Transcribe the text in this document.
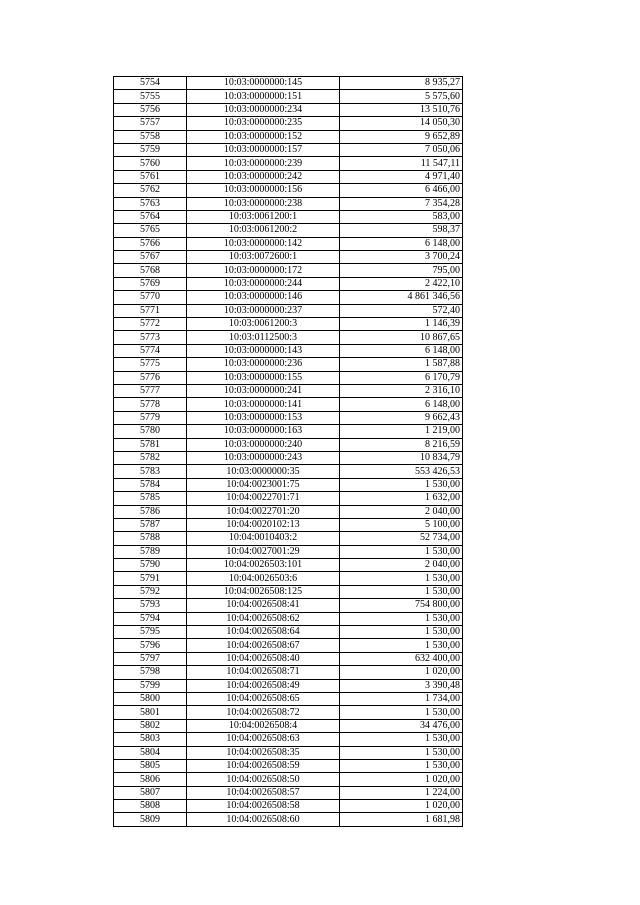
5754	10:03:0000000:145	8 935,27
5755	10:03:0000000:151	5 575,60
5756	10:03:0000000:234	13 510,76
5757	10:03:0000000:235	14 050,30
5758	10:03:0000000:152	9 652,89
5759	10:03:0000000:157	7 050,06
5760	10:03:0000000:239	11 547,11
5761	10:03:0000000:242	4 971,40
5762	10:03:0000000:156	6 466,00
5763	10:03:0000000:238	7 354,28
5764	10:03:0061200:1	583,00
5765	10:03:0061200:2	598,37
5766	10:03:0000000:142	6 148,00
5767	10:03:0072600:1	3 700,24
5768	10:03:0000000:172	795,00
5769	10:03:0000000:244	2 422,10
5770	10:03:0000000:146	4 861 346,56
5771	10:03:0000000:237	572,40
5772	10:03:0061200:3	1 146,39
5773	10:03:0112500:3	10 867,65
5774	10:03:0000000:143	6 148,00
5775	10:03:0000000:236	1 587,88
5776	10:03:0000000:155	6 170,79
5777	10:03:0000000:241	2 316,10
5778	10:03:0000000:141	6 148,00
5779	10:03:0000000:153	9 662,43
5780	10:03:0000000:163	1 219,00
5781	10:03:0000000:240	8 216,59
5782	10:03:0000000:243	10 834,79
5783	10:03:0000000:35	553 426,53
5784	10:04:0023001:75	1 530,00
5785	10:04:0022701:71	1 632,00
5786	10:04:0022701:20	2 040,00
5787	10:04:0020102:13	5 100,00
5788	10:04:0010403:2	52 734,00
5789	10:04:0027001:29	1 530,00
5790	10:04:0026503:101	2 040,00
5791	10:04:0026503:6	1 530,00
5792	10:04:0026508:125	1 530,00
5793	10:04:0026508:41	754 800,00
5794	10:04:0026508:62	1 530,00
5795	10:04:0026508:64	1 530,00
5796	10:04:0026508:67	1 530,00
5797	10:04:0026508:40	632 400,00
5798	10:04:0026508:71	1 020,00
5799	10:04:0026508:49	3 390,48
5800	10:04:0026508:65	1 734,00
5801	10:04:0026508:72	1 530,00
5802	10:04:0026508:4	34 476,00
5803	10:04:0026508:63	1 530,00
5804	10:04:0026508:35	1 530,00
5805	10:04:0026508:59	1 530,00
5806	10:04:0026508:50	1 020,00
5807	10:04:0026508:57	1 224,00
5808	10:04:0026508:58	1 020,00
5809	10:04:0026508:60	1 681,98
